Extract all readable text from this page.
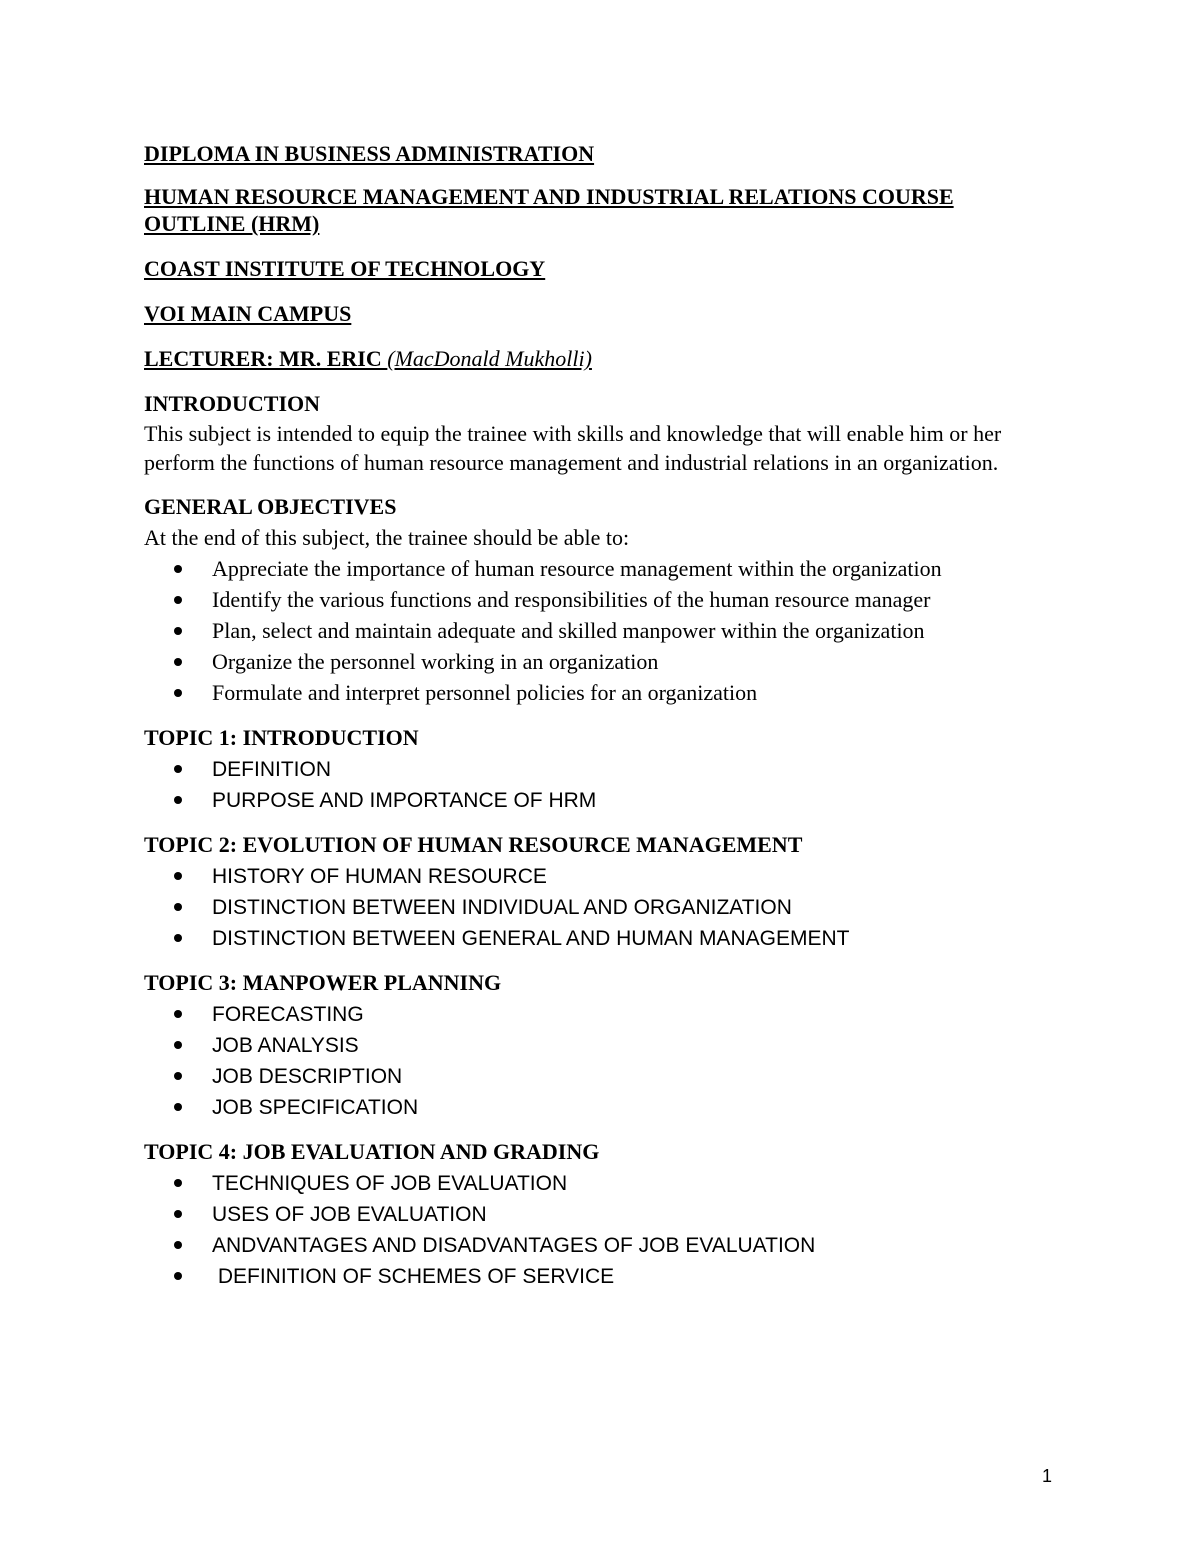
DIPLOMA IN BUSINESS ADMINISTRATION

HUMAN RESOURCE MANAGEMENT AND INDUSTRIAL RELATIONS COURSE OUTLINE (HRM)

COAST INSTITUTE OF TECHNOLOGY

VOI MAIN CAMPUS

LECTURER: MR. ERIC (MacDonald Mukholli)

INTRODUCTION

This subject is intended to equip the trainee with skills and knowledge that will enable him or her perform the functions of human resource management and industrial relations in an organization.

GENERAL OBJECTIVES

At the end of this subject, the trainee should be able to:

Appreciate the importance of human resource management within the organization
Identify the various functions and responsibilities of the human resource manager
Plan, select and maintain adequate and skilled manpower within the organization
Organize the personnel working in an organization
Formulate and interpret personnel policies for an organization

TOPIC 1: INTRODUCTION

DEFINITION
PURPOSE AND IMPORTANCE OF HRM

TOPIC 2: EVOLUTION OF HUMAN RESOURCE MANAGEMENT

HISTORY OF HUMAN RESOURCE
DISTINCTION BETWEEN INDIVIDUAL AND ORGANIZATION
DISTINCTION BETWEEN GENERAL AND HUMAN MANAGEMENT

TOPIC 3: MANPOWER PLANNING

FORECASTING
JOB ANALYSIS
JOB DESCRIPTION
JOB SPECIFICATION

TOPIC 4: JOB EVALUATION AND GRADING

TECHNIQUES OF JOB EVALUATION
USES OF JOB EVALUATION
ANDVANTAGES AND DISADVANTAGES OF JOB EVALUATION
DEFINITION OF SCHEMES OF SERVICE
1
